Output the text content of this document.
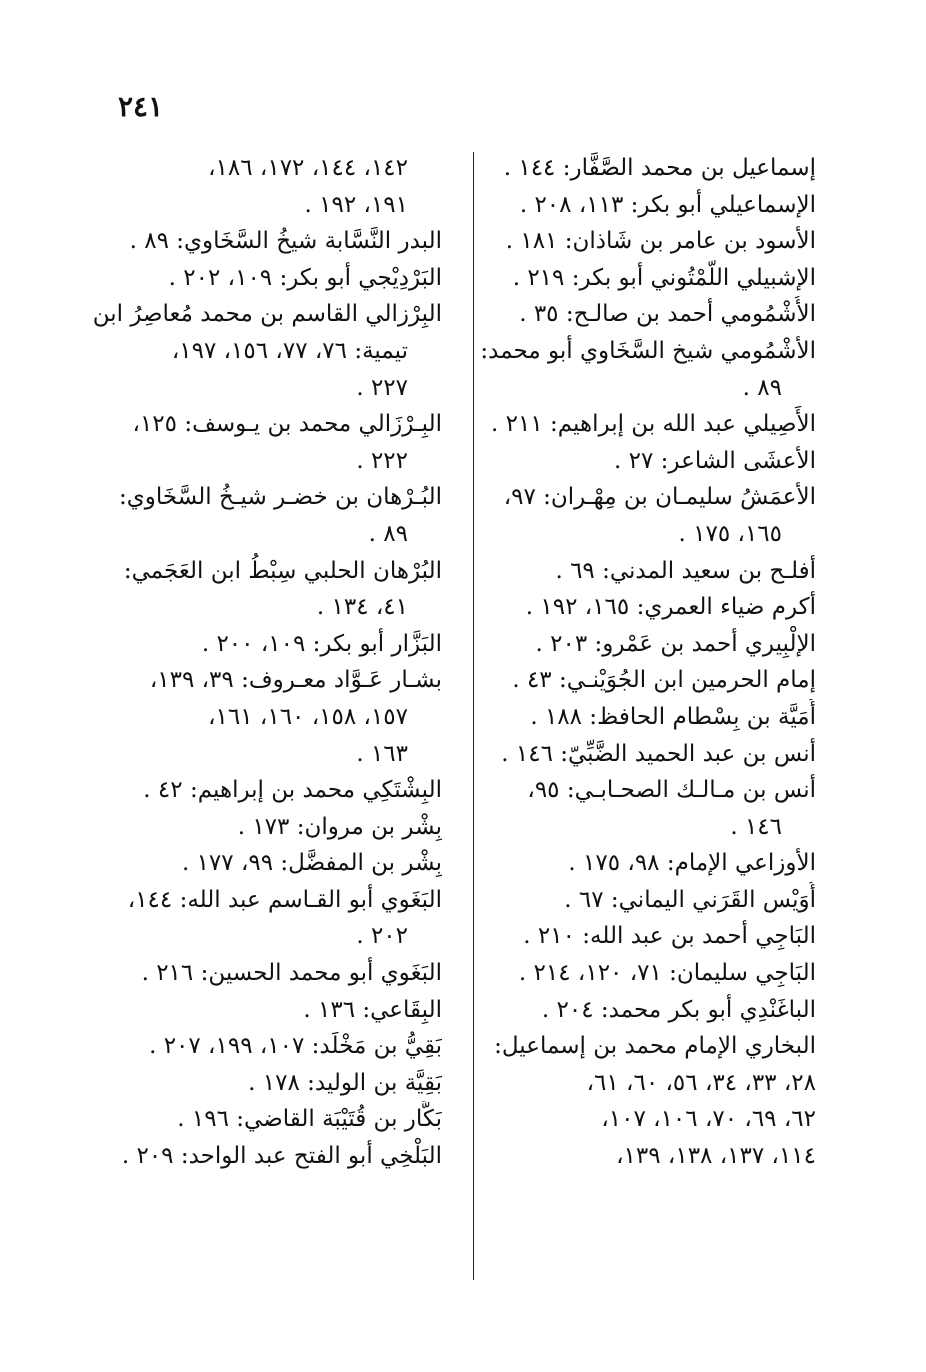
٢٤١
إسماعيل بن محمد الصَّفَّار: ١٤٤ .
الإسماعيلي أبو بكر: ١١٣، ٢٠٨ .
الأسود بن عامر بن شَاذان: ١٨١ .
الإشبيلي اللَّمْتُوني أبو بكر: ٢١٩ .
الأُشْمُومي أحمد بن صالـح: ٣٥ .
الأشْمُومي شيخ السَّخَاوي أبو محمد:
٨٩ .
الأَصِيلي عبد الله بن إبراهيم: ٢١١ .
الأعشَى الشاعر: ٢٧ .
الأعمَشُ سليمـان بن مِهْـران: ٩٧،
١٦٥، ١٧٥ .
أفلـح بن سعيد المدني: ٦٩ .
أكرم ضياء العمري: ١٦٥، ١٩٢ .
الإلْبِيري أحمد بن عَمْرو: ٢٠٣ .
إمام الحرمين ابن الجُوَيْنـي: ٤٣ .
أُمَيَّة بن بِسْطام الحافظ: ١٨٨ .
أنس بن عبد الحميد الضَّبِّيّ: ١٤٦ .
أنس بن مـالـك الصحـابـي: ٩٥،
١٤٦ .
الأوزاعي الإمام: ٩٨، ١٧٥ .
أُوَيْس القَرَني اليماني: ٦٧ .
البَاجِي أحمد بن عبد الله: ٢١٠ .
البَاجِي سليمان: ٧١، ١٢٠، ٢١٤ .
الباغَنْدِي أبو بكر محمد: ٢٠٤ .
البخاري الإمام محمد بن إسماعيل:
٢٨، ٣٣، ٣٤، ٥٦، ٦٠، ٦١،
٦٢، ٦٩، ٧٠، ١٠٦، ١٠٧،
١١٤، ١٣٧، ١٣٨، ١٣٩،
١٤٢، ١٤٤، ١٧٢، ١٨٦،
١٩١، ١٩٢ .
البدر النَّسَّابة شيخُ السَّخَاوي: ٨٩ .
البَرْدِيْجي أبو بكر: ١٠٩، ٢٠٢ .
البِرْزالي القاسم بن محمد مُعاصِرُ ابن
تيمية: ٧٦، ٧٧، ١٥٦، ١٩٧،
٢٢٧ .
البِـرْزَالي محمد بن يـوسف: ١٢٥،
٢٢٢ .
البُـرْهان بن خضـر شيـخُ السَّخَاوي:
٨٩ .
البُرْهان الحلبي سِبْطُ ابن العَجَمي:
٤١، ١٣٤ .
البَزَّار أبو بكر: ١٠٩، ٢٠٠ .
بشـار عَـوَّاد معـروف: ٣٩، ١٣٩،
١٥٧، ١٥٨، ١٦٠، ١٦١،
١٦٣ .
البِشْتَكِي محمد بن إبراهيم: ٤٢ .
بِشْر بن مروان: ١٧٣ .
بِشْر بن المفضَّل: ٩٩، ١٧٧ .
البَغَوي أبو القـاسم عبد الله: ١٤٤،
٢٠٢ .
البَغَوي أبو محمد الحسين: ٢١٦ .
البِقَاعي: ١٣٦ .
بَقِيُّ بن مَخْلَد: ١٠٧، ١٩٩، ٢٠٧ .
بَقِيَّة بن الوليد: ١٧٨ .
بَكَّار بن قُتَيْبَة القاضي: ١٩٦ .
البَلْخِي أبو الفتح عبد الواحد: ٢٠٩ .
